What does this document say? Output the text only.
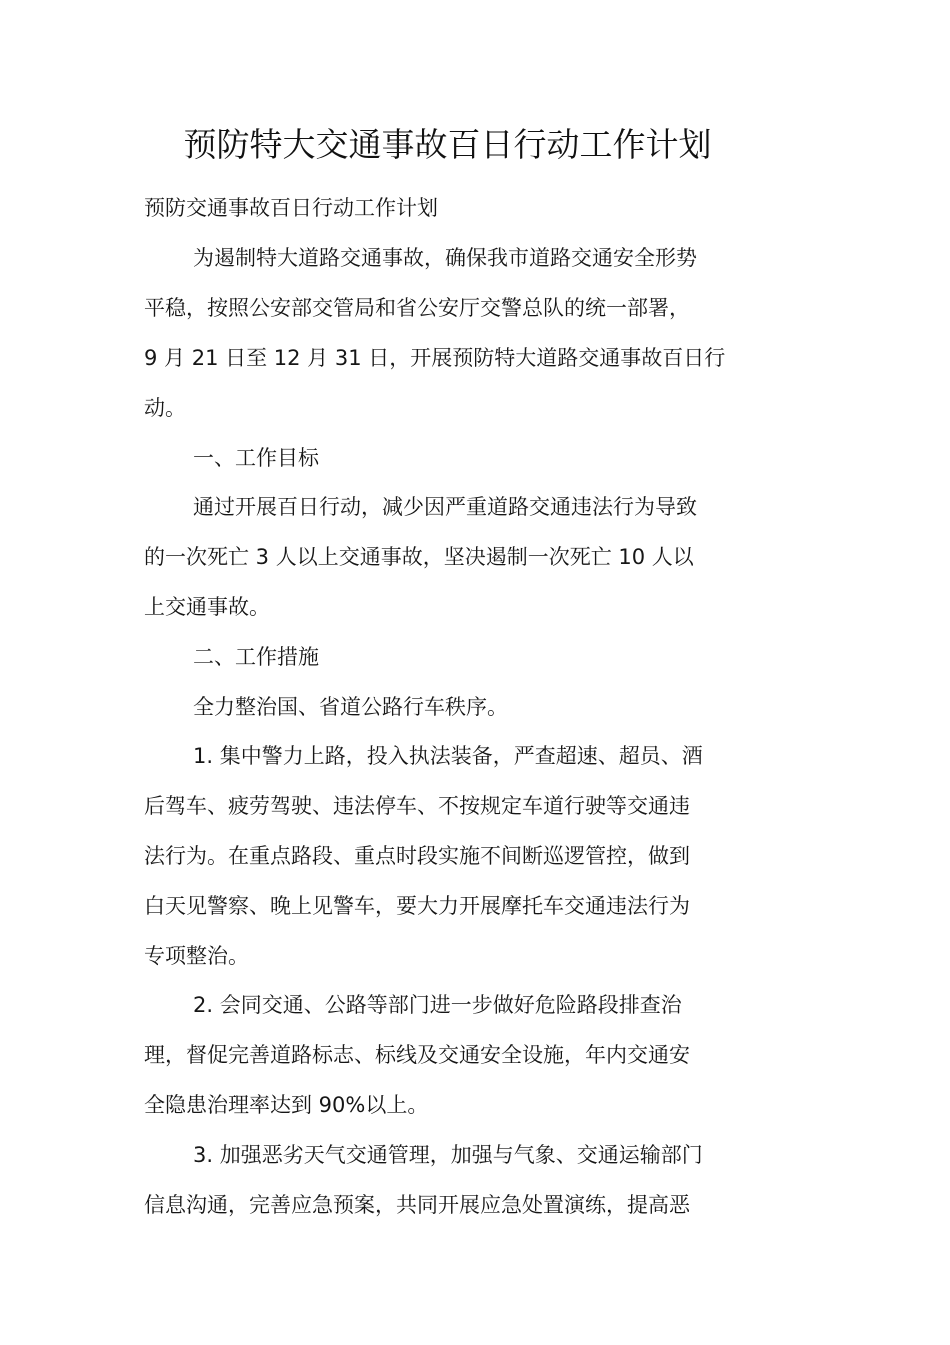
预防特大交通事故百日行动工作计划
预防交通事故百日行动工作计划
为遏制特大道路交通事故，确保我市道路交通安全形势
平稳，按照公安部交管局和省公安厅交警总队的统一部署，
9 月 21 日至 12 月 31 日，开展预防特大道路交通事故百日行
动。
一、工作目标
通过开展百日行动，减少因严重道路交通违法行为导致
的一次死亡 3 人以上交通事故，坚决遏制一次死亡 10 人以
上交通事故。
二、工作措施
全力整治国、省道公路行车秩序。
1. 集中警力上路，投入执法装备，严查超速、超员、酒
后驾车、疲劳驾驶、违法停车、不按规定车道行驶等交通违
法行为。在重点路段、重点时段实施不间断巡逻管控，做到
白天见警察、晚上见警车，要大力开展摩托车交通违法行为
专项整治。
2. 会同交通、公路等部门进一步做好危险路段排查治
理，督促完善道路标志、标线及交通安全设施，年内交通安
全隐患治理率达到 90%以上。
3. 加强恶劣天气交通管理，加强与气象、交通运输部门
信息沟通，完善应急预案，共同开展应急处置演练，提高恶
